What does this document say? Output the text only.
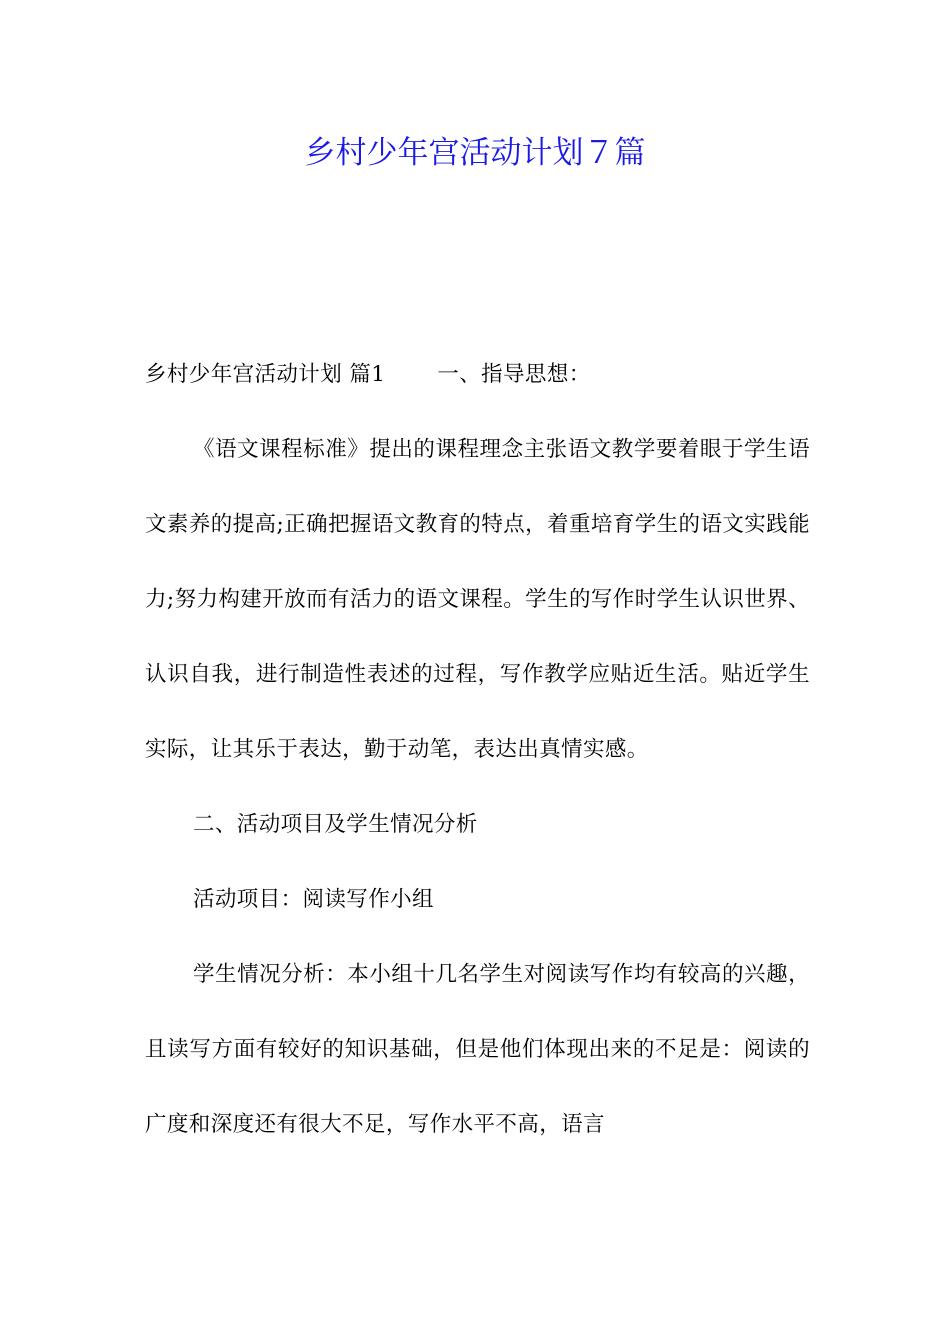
乡村少年宫活动计划７篇

乡村少年宫活动计划 篇1 一、指导思想：

《语文课程标准》提出的课程理念主张语文教学要着眼于学生语文素养的提高;正确把握语文教育的特点，着重培育学生的语文实践能力;努力构建开放而有活力的语文课程。学生的写作时学生认识世界、认识自我，进行制造性表述的过程，写作教学应贴近生活。贴近学生实际，让其乐于表达，勤于动笔，表达出真情实感。

二、活动项目及学生情况分析

活动项目：阅读写作小组

学生情况分析：本小组十几名学生对阅读写作均有较高的兴趣，且读写方面有较好的知识基础，但是他们体现出来的不足是：阅读的广度和深度还有很大不足，写作水平不高，语言
